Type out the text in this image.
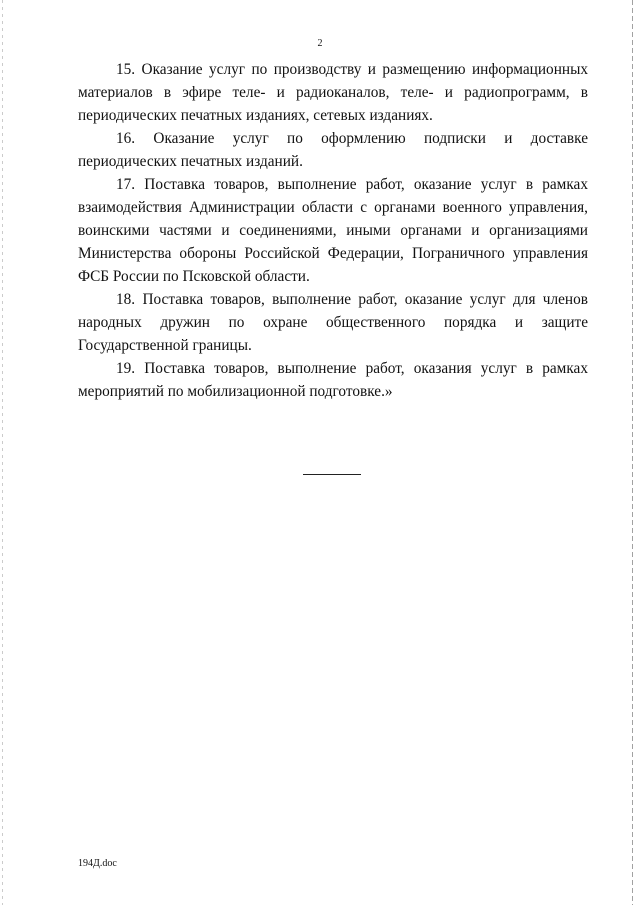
2

15. Оказание услуг по производству и размещению информационных материалов в эфире теле- и радиоканалов, теле- и радиопрограмм, в периодических печатных изданиях, сетевых изданиях.

16. Оказание услуг по оформлению подписки и доставке периодических печатных изданий.

17. Поставка товаров, выполнение работ, оказание услуг в рамках взаимодействия Администрации области с органами военного управления, воинскими частями и соединениями, иными органами и организациями Министерства обороны Российской Федерации, Пограничного управления ФСБ России по Псковской области.

18. Поставка товаров, выполнение работ, оказание услуг для членов народных дружин по охране общественного порядка и защите Государственной границы.

19. Поставка товаров, выполнение работ, оказания услуг в рамках мероприятий по мобилизационной подготовке.»

194Д.doc
